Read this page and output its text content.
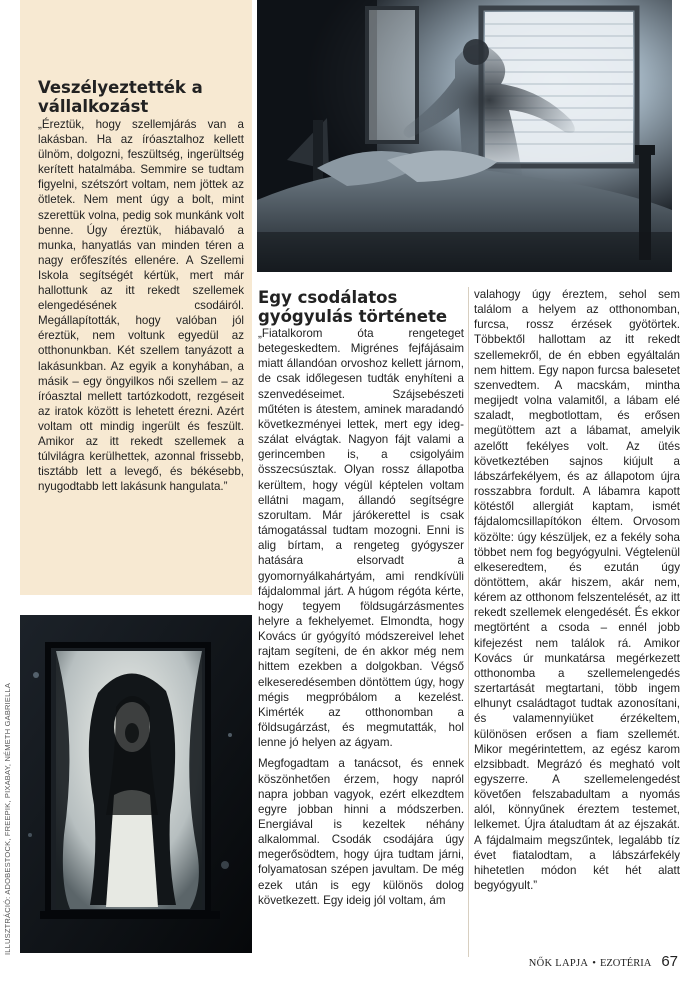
Veszélyeztették a vállalkozást
„Éreztük, hogy szellemjárás van a lakásban. Ha az íróasztalhoz kellett ülnöm, dolgozni, feszültség, ingerültség kerített hatalmába. Semmire se tudtam figyelni, szétszórt voltam, nem jöttek az ötletek. Nem ment úgy a bolt, mint szerettük volna, pedig sok munkánk volt benne. Úgy éreztük, hiábavaló a munka, hanyatlás van minden téren a nagy erőfeszítés ellenére. A Szellemi Iskola segítségét kértük, mert már hallottunk az itt rekedt szellemek elengedésének csodáiról. Megállapították, hogy valóban jól éreztük, nem voltunk egyedül az otthonunkban. Két szellem tanyázott a lakásunkban. Az egyik a konyhában, a másik – egy öngyilkos női szellem – az íróasztal mellett tartózkodott, rezgéseit az iratok között is lehetett érezni. Azért voltam ott mindig ingerült és feszült. Amikor az itt rekedt szellemek a túlvilágra kerülhettek, azonnal frissebb, tisztább lett a levegő, és békésebb, nyugodtabb lett lakásunk hangulata.”
ILLUSZTRÁCIÓ: ADOBESTOCK, FREEPIK, PIXABAY, NÉMETH GABRIELLA
Egy csodálatos gyógyulás története

„Fiatalkorom óta rengeteget betegeskedtem. Migrénes fejfájásaim miatt állandóan orvoshoz kellett járnom, de csak időlegesen tudták enyhíteni a szenvedéseimet. Szájsebészeti műtéten is átestem, aminek maradandó következményei lettek, mert egy idegszálat elvágtak. Nagyon fájt valami a gerincemben is, a csigolyáim összecsúsztak. Olyan rossz állapotba kerültem, hogy végül képtelen voltam ellátni magam, állandó segítségre szorultam. Már járókerettel is csak támogatással tudtam mozogni. Enni is alig bírtam, a rengeteg gyógyszer hatására elsorvadt a gyomornyálkahártyám, ami rendkívüli fájdalommal járt. A húgom régóta kérte, hogy tegyem földsugárzásmentes helyre a fekhelyemet. Elmondta, hogy Kovács úr gyógyító módszereivel lehet rajtam segíteni, de én akkor még nem hittem ezekben a dolgokban. Végső elkeseredésemben döntöttem úgy, hogy mégis megpróbálom a kezelést. Kimérték az otthonomban a földsugárzást, és megmutatták, hol lenne jó helyen az ágyam.

Megfogadtam a tanácsot, és ennek köszönhetően érzem, hogy napról napra jobban vagyok, ezért elkezdtem egyre jobban hinni a módszerben. Energiával is kezeltek néhány alkalommal. Csodák csodájára úgy megerősödtem, hogy újra tudtam járni, folyamatosan szépen javultam. De még ezek után is egy különös dolog következett. Egy ideig jól voltam, ám

valahogy úgy éreztem, sehol sem találom a helyem az otthonomban, furcsa, rossz érzések gyötörtek. Többektől hallottam az itt rekedt szellemekről, de én ebben egyáltalán nem hittem. Egy napon furcsa balesetet szenvedtem. A macskám, mintha megijedt volna valamitől, a lábam elé szaladt, megbotlottam, és erősen megütöttem azt a lábamat, amelyik azelőtt fekélyes volt. Az ütés következtében sajnos kiújult a lábszárfekélyem, és az állapotom újra rosszabbra fordult. A lábamra kapott kötéstől allergiát kaptam, ismét fájdalomcsillapítókon éltem. Orvosom közölte: úgy készüljek, ez a fekély soha többet nem fog begyógyulni. Végtelenül elkeseredtem, és ezután úgy döntöttem, akár hiszem, akár nem, kérem az otthonom felszentelését, az itt rekedt szellemek elengedését. És ekkor megtörtént a csoda – ennél jobb kifejezést nem találok rá. Amikor Kovács úr munkatársa megérkezett otthonomba a szellemelengedés szertartását megtartani, több ingem elhunyt családtagot tudtak azonosítani, és valamennyiüket érzékeltem, különösen erősen a fiam szellemét. Mikor megérintettem, az egész karom elzsibbadt. Megrázó és megható volt egyszerre. A szellemelengedést követően felszabadultam a nyomás alól, könnyűnek éreztem testemet, lelkemet. Újra átaludtam át az éjszakát. A fájdalmaim megszűntek, legalább tíz évet fiatalodtam, a lábszárfekély hihetetlen módon két hét alatt begyógyult.”

NŐK LAPJA • EZOTÉRIA 67
